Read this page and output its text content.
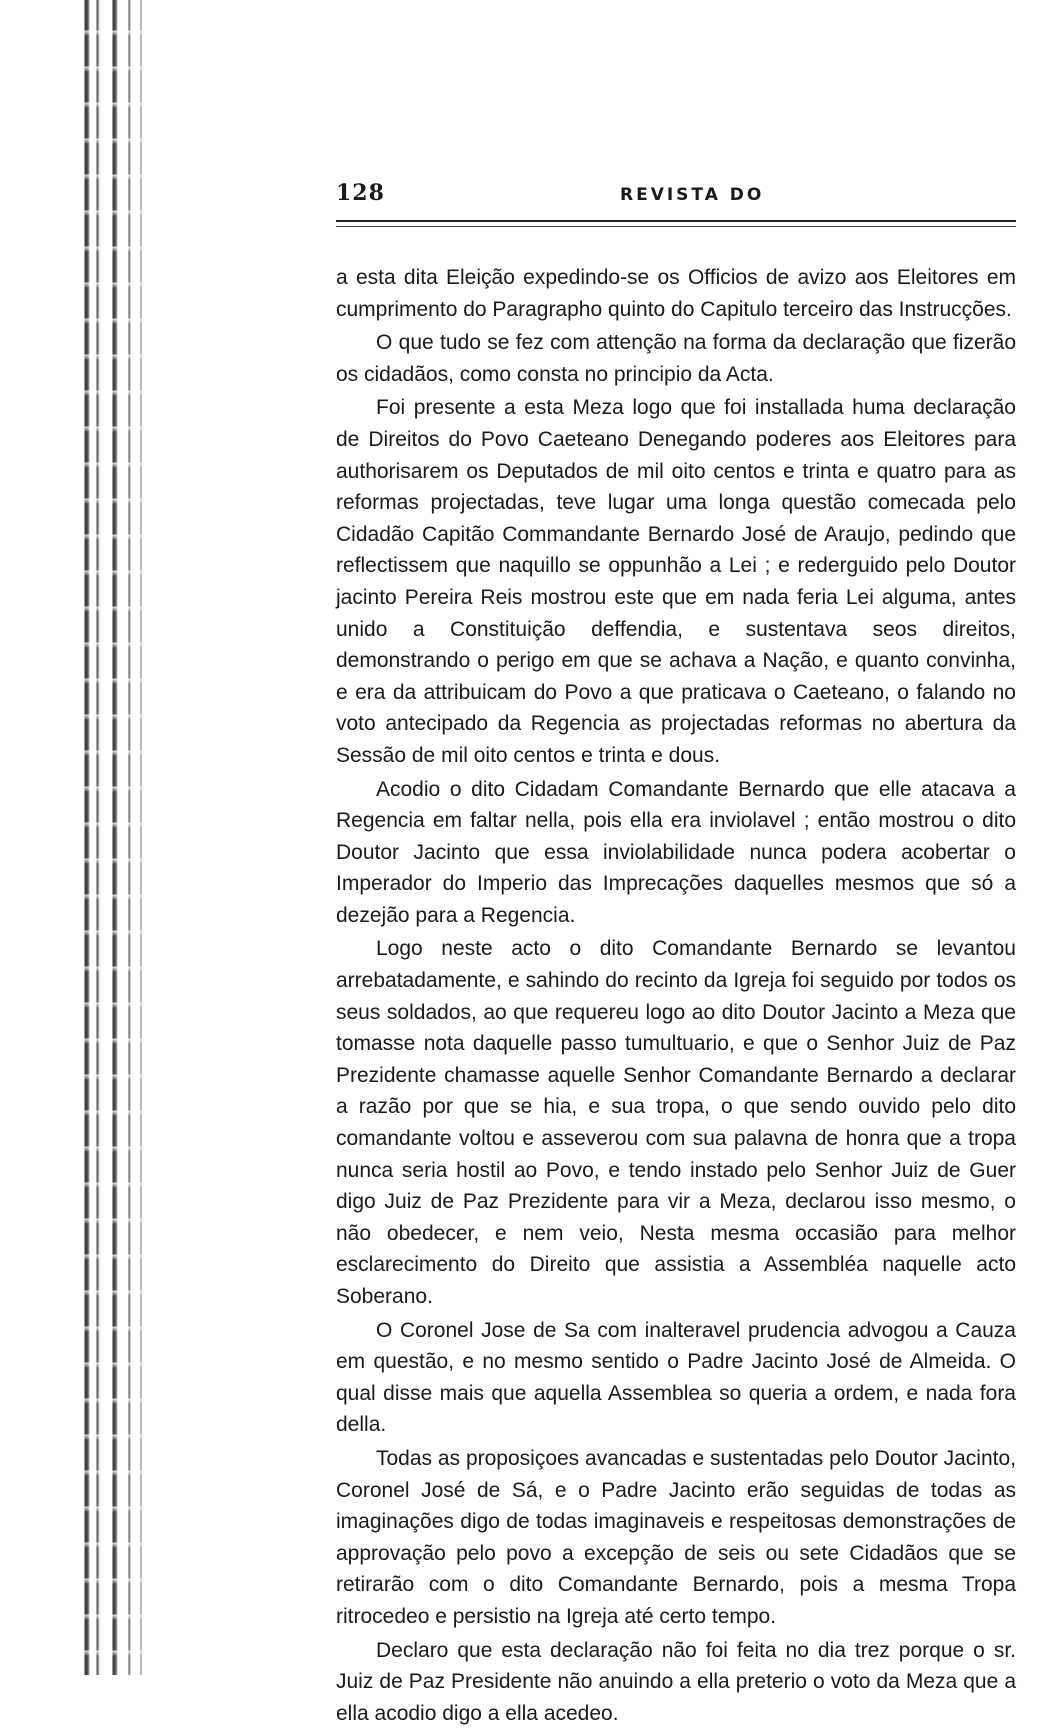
128	REVISTA DO

a esta dita Eleição expedindo-se os Officios de avizo aos Eleitores em cumprimento do Paragrapho quinto do Capitulo terceiro das Instrucções.

O que tudo se fez com attenção na forma da declaração que fizerão os cidadãos, como consta no principio da Acta.

Foi presente a esta Meza logo que foi installada huma declaração de Direitos do Povo Caeteano Denegando poderes aos Eleitores para authorisarem os Deputados de mil oito centos e trinta e quatro para as reformas projectadas, teve lugar uma longa questão comecada pelo Cidadão Capitão Commandante Bernardo José de Araujo, pedindo que reflectissem que naquillo se oppunhão a Lei ; e rederguido pelo Doutor jacinto Pereira Reis mostrou este que em nada feria Lei alguma, antes unido a Constituição deffendia, e sustentava seos direitos, demonstrando o perigo em que se achava a Nação, e quanto convinha, e era da attribuicam do Povo a que praticava o Caeteano, o falando no voto antecipado da Regencia as projectadas reformas no abertura da Sessão de mil oito centos e trinta e dous.

Acodio o dito Cidadam Comandante Bernardo que elle atacava a Regencia em faltar nella, pois ella era inviolavel ; então mostrou o dito Doutor Jacinto que essa inviolabilidade nunca podera acobertar o Imperador do Imperio das Imprecações daquelles mesmos que só a dezejão para a Regencia.

Logo neste acto o dito Comandante Bernardo se levantou arrebatadamente, e sahindo do recinto da Igreja foi seguido por todos os seus soldados, ao que requereu logo ao dito Doutor Jacinto a Meza que tomasse nota daquelle passo tumultuario, e que o Senhor Juiz de Paz Prezidente chamasse aquelle Senhor Comandante Bernardo a declarar a razão por que se hia, e sua tropa, o que sendo ouvido pelo dito comandante voltou e asseverou com sua palavna de honra que a tropa nunca seria hostil ao Povo, e tendo instado pelo Senhor Juiz de Guer digo Juiz de Paz Prezidente para vir a Meza, declarou isso mesmo, o não obedecer, e nem veio, Nesta mesma occasião para melhor esclarecimento do Direito que assistia a Assembléa naquelle acto Soberano.

O Coronel Jose de Sa com inalteravel prudencia advogou a Cauza em questão, e no mesmo sentido o Padre Jacinto José de Almeida. O qual disse mais que aquella Assemblea so queria a ordem, e nada fora della.

Todas as proposiçoes avancadas e sustentadas pelo Doutor Jacinto, Coronel José de Sá, e o Padre Jacinto erão seguidas de todas as imaginações digo de todas imaginaveis e respeitosas demonstrações de approvação pelo povo a excepção de seis ou sete Cidadãos que se retirarão com o dito Comandante Bernardo, pois a mesma Tropa ritrocedeo e persistio na Igreja até certo tempo.

Declaro que esta declaração não foi feita no dia trez porque o sr. Juiz de Paz Presidente não anuindo a ella preterio o voto da Meza que a ella acodio digo a ella acedeo.
